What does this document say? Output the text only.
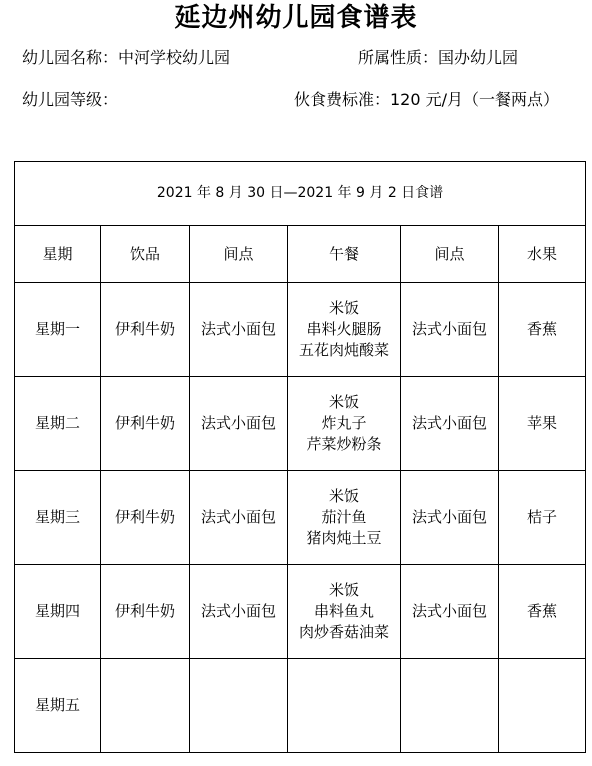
延边州幼儿园食谱表
幼儿园名称：中河学校幼儿园	所属性质：国办幼儿园
幼儿园等级：	伙食费标准：120 元/月（一餐两点）
2021 年 8 月 30 日—2021 年 9 月 2 日食谱					
星期	饮品	间点	午餐	间点	水果
星期一	伊利牛奶	法式小面包	米饭
串料火腿肠
五花肉炖酸菜	法式小面包	香蕉
星期二	伊利牛奶	法式小面包	米饭
炸丸子
芹菜炒粉条	法式小面包	苹果
星期三	伊利牛奶	法式小面包	米饭
茄汁鱼
猪肉炖土豆	法式小面包	桔子
星期四	伊利牛奶	法式小面包	米饭
串料鱼丸
肉炒香菇油菜	法式小面包	香蕉
星期五					
